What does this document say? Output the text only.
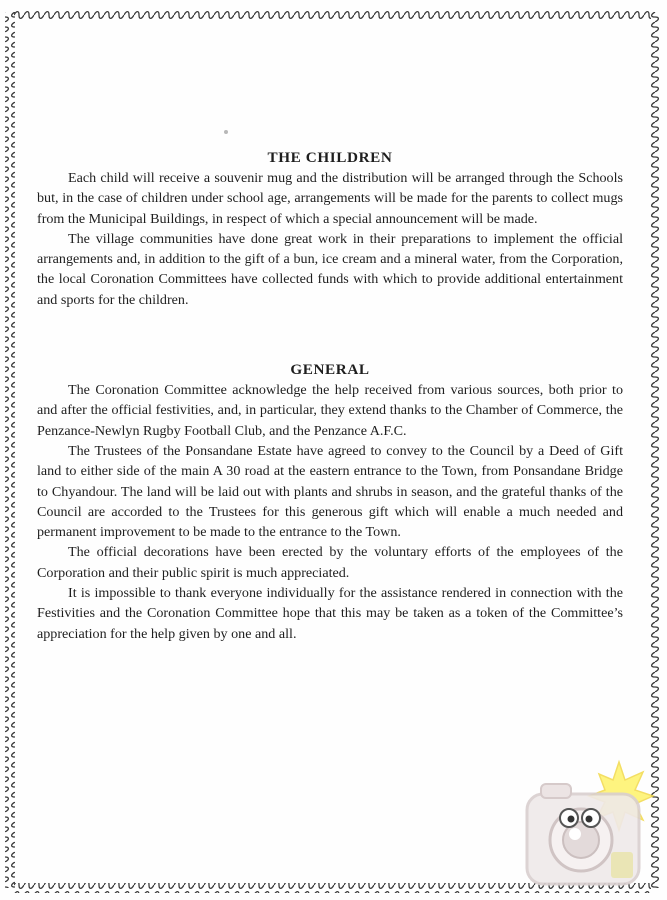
THE CHILDREN

Each child will receive a souvenir mug and the distribution will be arranged through the Schools but, in the case of children under school age, arrangements will be made for the parents to collect mugs from the Municipal Buildings, in respect of which a special announcement will be made.

The village communities have done great work in their preparations to implement the official arrangements and, in addition to the gift of a bun, ice cream and a mineral water, from the Corporation, the local Coronation Committees have collected funds with which to provide additional entertainment and sports for the children.

GENERAL

The Coronation Committee acknowledge the help received from various sources, both prior to and after the official festivities, and, in particular, they extend thanks to the Chamber of Commerce, the Penzance-Newlyn Rugby Football Club, and the Penzance A.F.C.

The Trustees of the Ponsandane Estate have agreed to convey to the Council by a Deed of Gift land to either side of the main A 30 road at the eastern entrance to the Town, from Ponsandane Bridge to Chyandour. The land will be laid out with plants and shrubs in season, and the grateful thanks of the Council are accorded to the Trustees for this generous gift which will enable a much needed and permanent improvement to be made to the entrance to the Town.

The official decorations have been erected by the voluntary efforts of the employees of the Corporation and their public spirit is much appreciated.

It is impossible to thank everyone individually for the assistance rendered in connection with the Festivities and the Coronation Committee hope that this may be taken as a token of the Committee’s appreciation for the help given by one and all.
